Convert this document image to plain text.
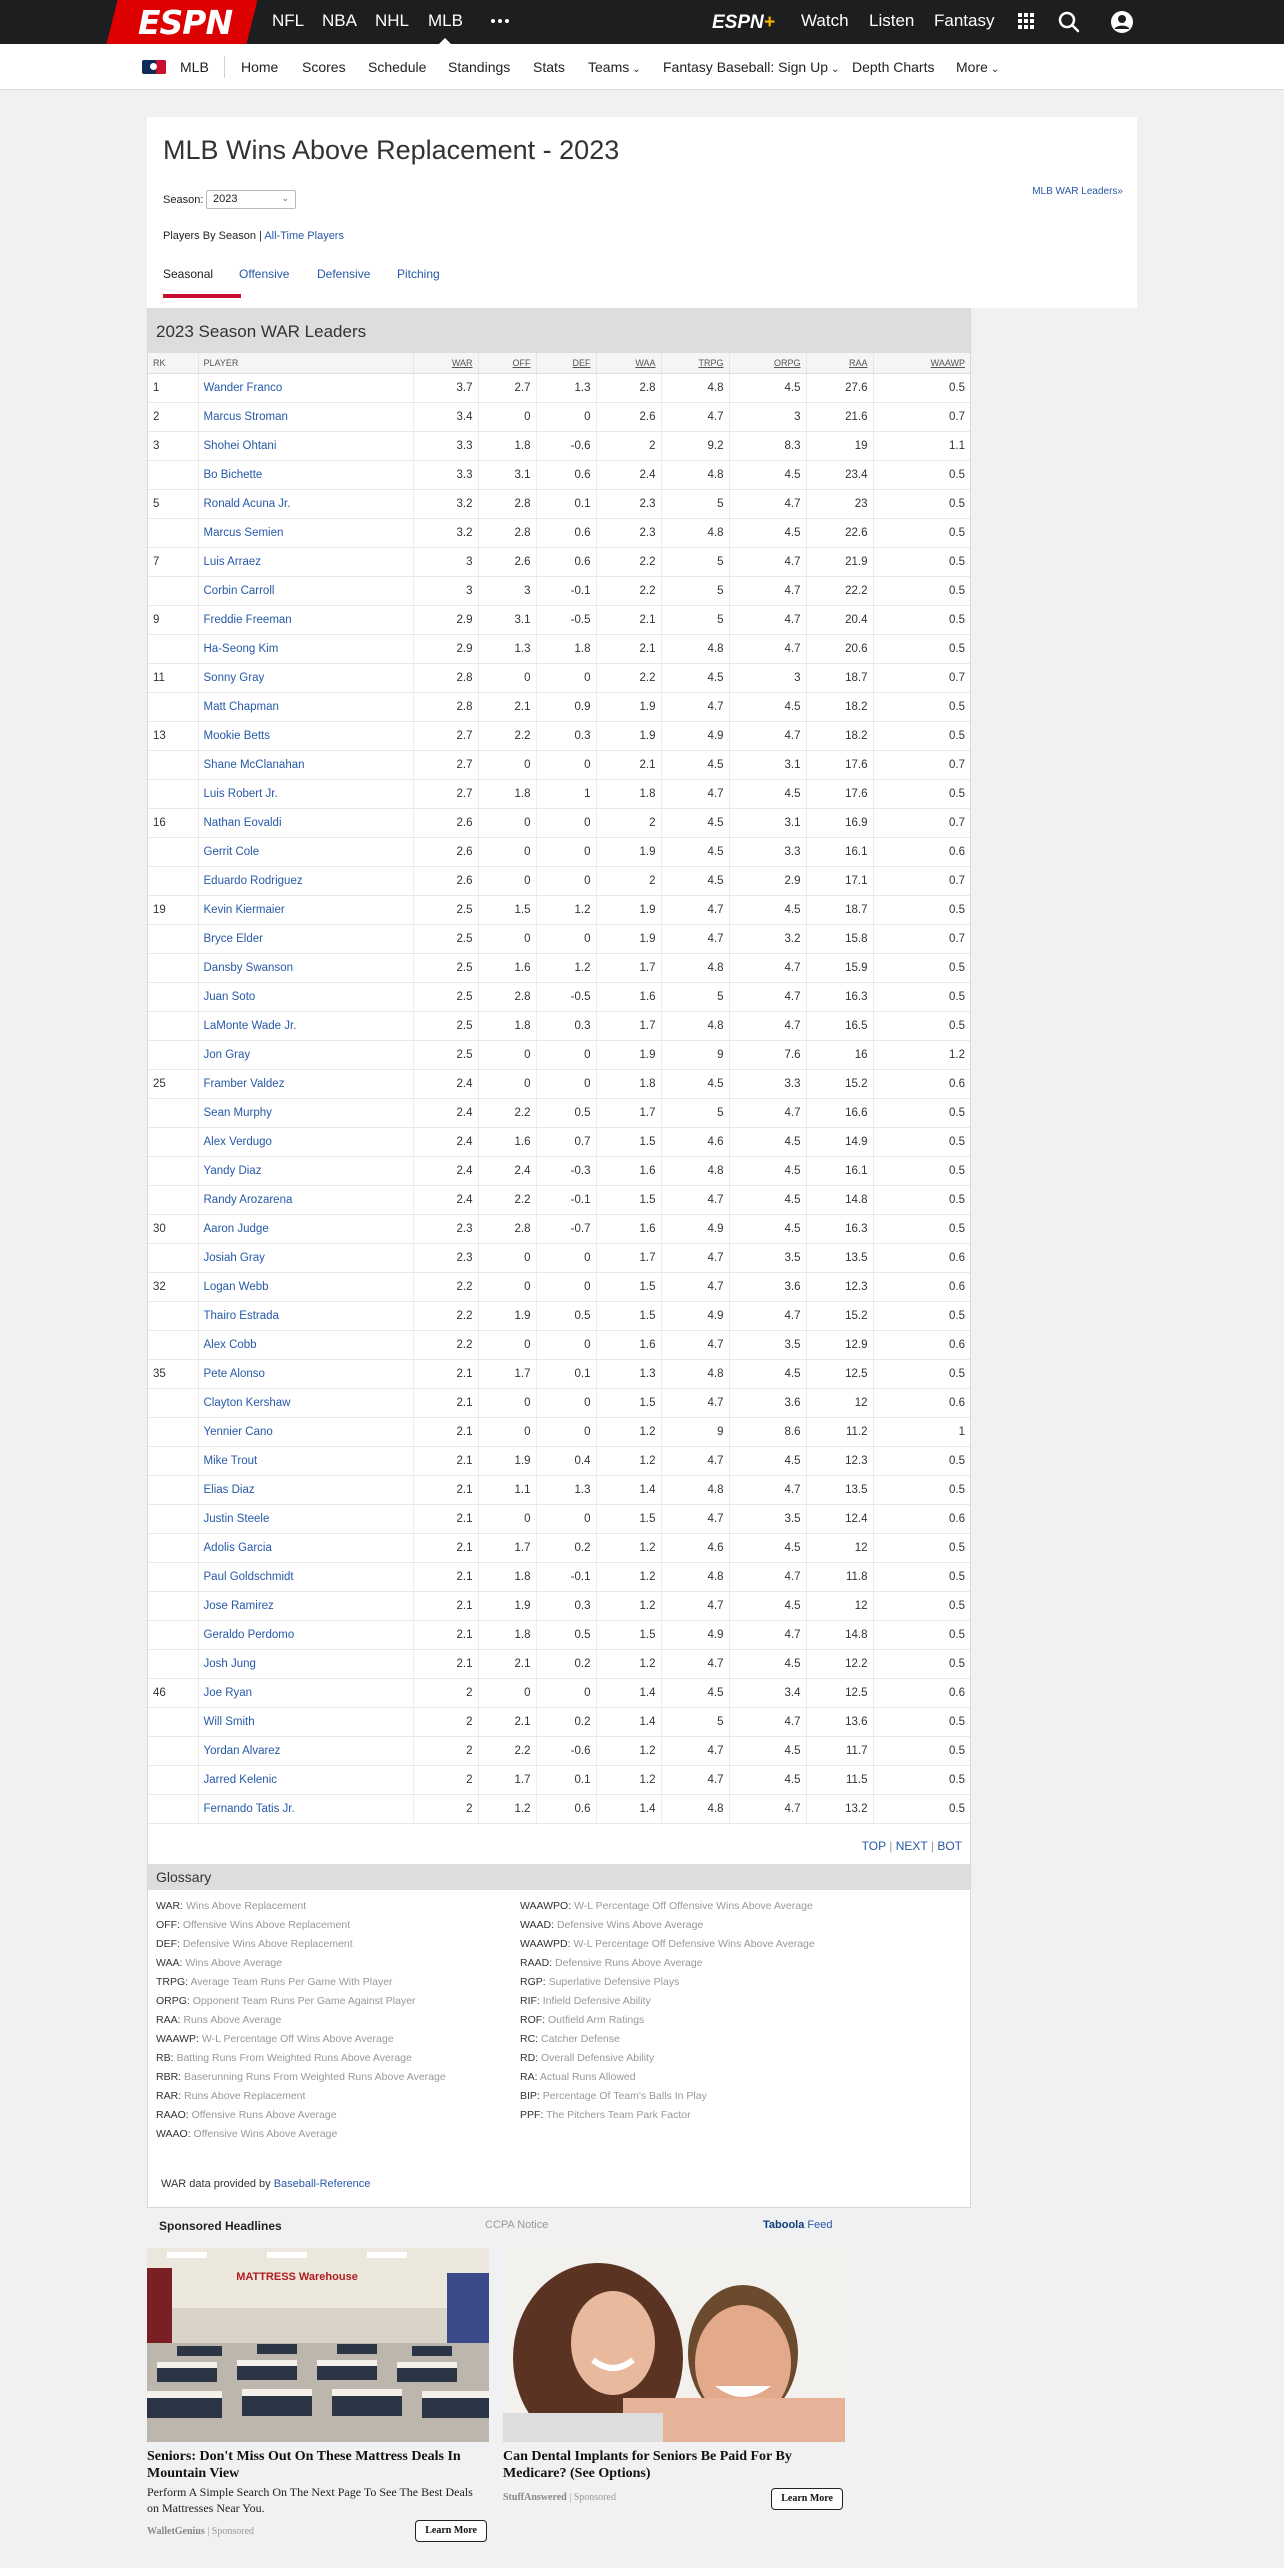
ESPN NFL NBA NHL MLB	ESPN+ Watch Listen Fantasy
MLB Home Scores Schedule Standings Stats Teams ⌄ Fantasy Baseball: Sign Up ⌄ Depth Charts More ⌄
MLB Wins Above Replacement - 2023
Season: 2023	⌄
MLB WAR Leaders»
Players By Season | All-Time Players
Seasonal Offensive Defensive Pitching
2023 Season WAR Leaders
RK	PLAYER	WAR	OFF	DEF	WAA	TRPG	ORPG	RAA	WAAWP
1	Wander Franco	3.7	2.7	1.3	2.8	4.8	4.5	27.6	0.5
2	Marcus Stroman	3.4	0	0	2.6	4.7	3	21.6	0.7
3	Shohei Ohtani	3.3	1.8	-0.6	2	9.2	8.3	19	1.1
	Bo Bichette	3.3	3.1	0.6	2.4	4.8	4.5	23.4	0.5
5	Ronald Acuna Jr.	3.2	2.8	0.1	2.3	5	4.7	23	0.5
	Marcus Semien	3.2	2.8	0.6	2.3	4.8	4.5	22.6	0.5
7	Luis Arraez	3	2.6	0.6	2.2	5	4.7	21.9	0.5
	Corbin Carroll	3	3	-0.1	2.2	5	4.7	22.2	0.5
9	Freddie Freeman	2.9	3.1	-0.5	2.1	5	4.7	20.4	0.5
	Ha-Seong Kim	2.9	1.3	1.8	2.1	4.8	4.7	20.6	0.5
11	Sonny Gray	2.8	0	0	2.2	4.5	3	18.7	0.7
	Matt Chapman	2.8	2.1	0.9	1.9	4.7	4.5	18.2	0.5
13	Mookie Betts	2.7	2.2	0.3	1.9	4.9	4.7	18.2	0.5
	Shane McClanahan	2.7	0	0	2.1	4.5	3.1	17.6	0.7
	Luis Robert Jr.	2.7	1.8	1	1.8	4.7	4.5	17.6	0.5
16	Nathan Eovaldi	2.6	0	0	2	4.5	3.1	16.9	0.7
	Gerrit Cole	2.6	0	0	1.9	4.5	3.3	16.1	0.6
	Eduardo Rodriguez	2.6	0	0	2	4.5	2.9	17.1	0.7
19	Kevin Kiermaier	2.5	1.5	1.2	1.9	4.7	4.5	18.7	0.5
	Bryce Elder	2.5	0	0	1.9	4.7	3.2	15.8	0.7
	Dansby Swanson	2.5	1.6	1.2	1.7	4.8	4.7	15.9	0.5
	Juan Soto	2.5	2.8	-0.5	1.6	5	4.7	16.3	0.5
	LaMonte Wade Jr.	2.5	1.8	0.3	1.7	4.8	4.7	16.5	0.5
	Jon Gray	2.5	0	0	1.9	9	7.6	16	1.2
25	Framber Valdez	2.4	0	0	1.8	4.5	3.3	15.2	0.6
	Sean Murphy	2.4	2.2	0.5	1.7	5	4.7	16.6	0.5
	Alex Verdugo	2.4	1.6	0.7	1.5	4.6	4.5	14.9	0.5
	Yandy Diaz	2.4	2.4	-0.3	1.6	4.8	4.5	16.1	0.5
	Randy Arozarena	2.4	2.2	-0.1	1.5	4.7	4.5	14.8	0.5
30	Aaron Judge	2.3	2.8	-0.7	1.6	4.9	4.5	16.3	0.5
	Josiah Gray	2.3	0	0	1.7	4.7	3.5	13.5	0.6
32	Logan Webb	2.2	0	0	1.5	4.7	3.6	12.3	0.6
	Thairo Estrada	2.2	1.9	0.5	1.5	4.9	4.7	15.2	0.5
	Alex Cobb	2.2	0	0	1.6	4.7	3.5	12.9	0.6
35	Pete Alonso	2.1	1.7	0.1	1.3	4.8	4.5	12.5	0.5
	Clayton Kershaw	2.1	0	0	1.5	4.7	3.6	12	0.6
	Yennier Cano	2.1	0	0	1.2	9	8.6	11.2	1
	Mike Trout	2.1	1.9	0.4	1.2	4.7	4.5	12.3	0.5
	Elias Diaz	2.1	1.1	1.3	1.4	4.8	4.7	13.5	0.5
	Justin Steele	2.1	0	0	1.5	4.7	3.5	12.4	0.6
	Adolis Garcia	2.1	1.7	0.2	1.2	4.6	4.5	12	0.5
	Paul Goldschmidt	2.1	1.8	-0.1	1.2	4.8	4.7	11.8	0.5
	Jose Ramirez	2.1	1.9	0.3	1.2	4.7	4.5	12	0.5
	Geraldo Perdomo	2.1	1.8	0.5	1.5	4.9	4.7	14.8	0.5
	Josh Jung	2.1	2.1	0.2	1.2	4.7	4.5	12.2	0.5
46	Joe Ryan	2	0	0	1.4	4.5	3.4	12.5	0.6
	Will Smith	2	2.1	0.2	1.4	5	4.7	13.6	0.5
	Yordan Alvarez	2	2.2	-0.6	1.2	4.7	4.5	11.7	0.5
	Jarred Kelenic	2	1.7	0.1	1.2	4.7	4.5	11.5	0.5
	Fernando Tatis Jr.	2	1.2	0.6	1.4	4.8	4.7	13.2	0.5
TOP | NEXT | BOT
Glossary
WAR: Wins Above Replacement
OFF: Offensive Wins Above Replacement
DEF: Defensive Wins Above Replacement
WAA: Wins Above Average
TRPG: Average Team Runs Per Game With Player
ORPG: Opponent Team Runs Per Game Against Player
RAA: Runs Above Average
WAAWP: W-L Percentage Off Wins Above Average
RB: Batting Runs From Weighted Runs Above Average
RBR: Baserunning Runs From Weighted Runs Above Average
RAR: Runs Above Replacement
RAAO: Offensive Runs Above Average
WAAO: Offensive Wins Above Average
WAAWPO: W-L Percentage Off Offensive Wins Above Average
WAAD: Defensive Wins Above Average
WAAWPD: W-L Percentage Off Defensive Wins Above Average
RAAD: Defensive Runs Above Average
RGP: Superlative Defensive Plays
RIF: Infield Defensive Ability
ROF: Outfield Arm Ratings
RC: Catcher Defense
RD: Overall Defensive Ability
RA: Actual Runs Allowed
BIP: Percentage Of Team's Balls In Play
PPF: The Pitchers Team Park Factor
WAR data provided by Baseball-Reference
Sponsored Headlines	CCPA Notice	Taboola Feed
MATTRESS Warehouse
Seniors: Don't Miss Out On These Mattress Deals In Mountain View
Perform A Simple Search On The Next Page To See The Best Deals on Mattresses Near You.
WalletGenius | Sponsored	Learn More
Can Dental Implants for Seniors Be Paid For By Medicare? (See Options)
StuffAnswered | Sponsored	Learn More
